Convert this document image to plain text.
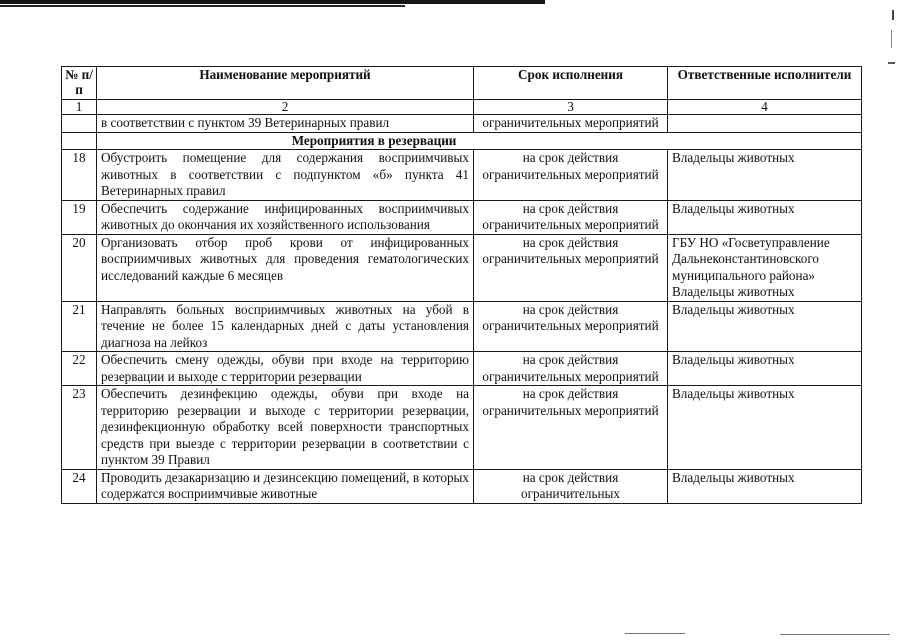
№ п/п	Наименование мероприятий	Срок исполнения	Ответственные исполнители
1	2	3	4
	в соответствии с пунктом 39 Ветеринарных правил	ограничительных мероприятий	
	Мероприятия в резервации		
18	Обустроить помещение для содержания восприимчивых животных в соответствии с подпунктом «б» пункта 41 Ветеринарных правил	на срок действия ограничительных мероприятий	Владельцы животных
19	Обеспечить содержание инфицированных восприимчивых животных до окончания их хозяйственного использования	на срок действия ограничительных мероприятий	Владельцы животных
20	Организовать отбор проб крови от инфицированных восприимчивых животных для проведения гематологических исследований каждые 6 месяцев	на срок действия ограничительных мероприятий	ГБУ НО «Госветуправление Дальнеконстантиновского муниципального района» Владельцы животных
21	Направлять больных восприимчивых животных на убой в течение не более 15 календарных дней с даты установления диагноза на лейкоз	на срок действия ограничительных мероприятий	Владельцы животных
22	Обеспечить смену одежды, обуви при входе на территорию резервации и выходе с территории резервации	на срок действия ограничительных мероприятий	Владельцы животных
23	Обеспечить дезинфекцию одежды, обуви при входе на территорию резервации и выходе с территории резервации, дезинфекционную обработку всей поверхности транспортных средств при выезде с территории резервации в соответствии с пунктом 39 Правил	на срок действия ограничительных мероприятий	Владельцы животных
24	Проводить дезакаризацию и дезинсекцию помещений, в которых содержатся восприимчивые животные	на срок действия ограничительных	Владельцы животных
